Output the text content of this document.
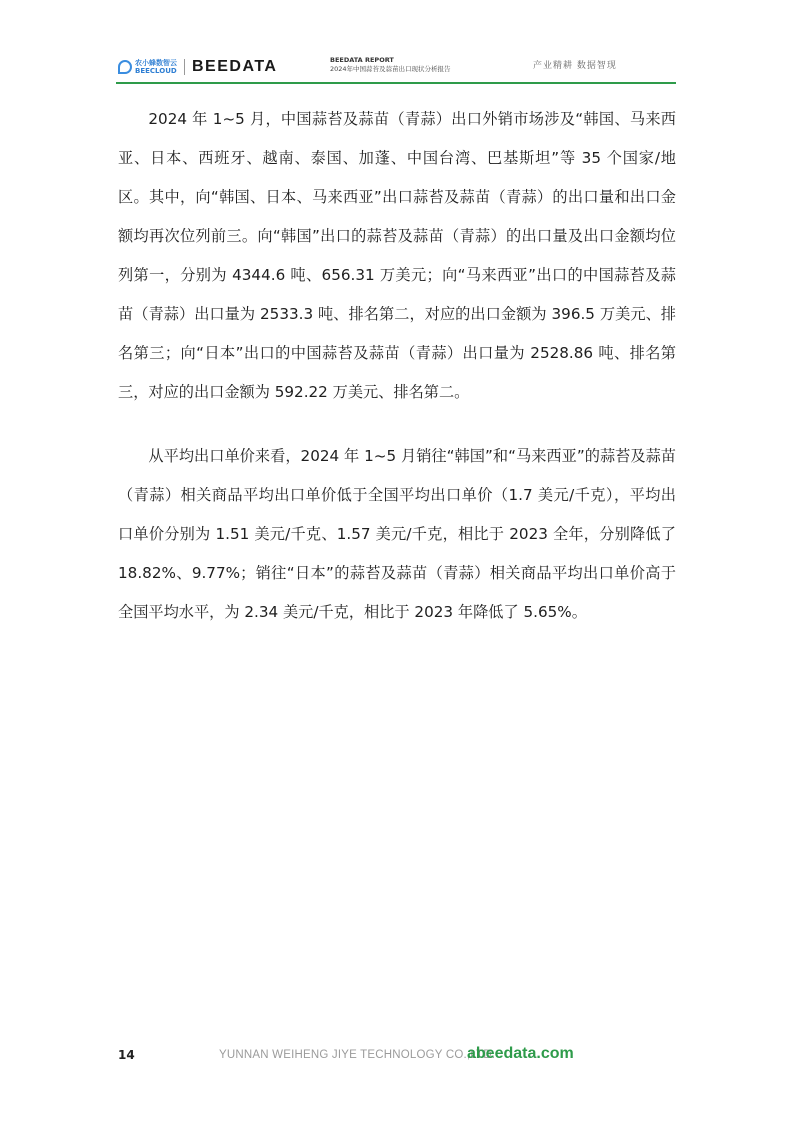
农小蜂数智云
BEECLOUD BEEDATA	BEEDATA REPORT
2024年中国蒜苔及蒜苗出口现状分析报告	产业精耕 数据智现

2024 年 1~5 月，中国蒜苔及蒜苗（青蒜）出口外销市场涉及“韩国、马来西亚、日本、西班牙、越南、泰国、加蓬、中国台湾、巴基斯坦”等 35 个国家/地区。其中，向“韩国、日本、马来西亚”出口蒜苔及蒜苗（青蒜）的出口量和出口金额均再次位列前三。向“韩国”出口的蒜苔及蒜苗（青蒜）的出口量及出口金额均位列第一，分别为 4344.6 吨、656.31 万美元；向“马来西亚”出口的中国蒜苔及蒜苗（青蒜）出口量为 2533.3 吨、排名第二，对应的出口金额为 396.5 万美元、排名第三；向“日本”出口的中国蒜苔及蒜苗（青蒜）出口量为 2528.86 吨、排名第三，对应的出口金额为 592.22 万美元、排名第二。

从平均出口单价来看，2024 年 1~5 月销往“韩国”和“马来西亚”的蒜苔及蒜苗（青蒜）相关商品平均出口单价低于全国平均出口单价（1.7 美元/千克），平均出口单价分别为 1.51 美元/千克、1.57 美元/千克，相比于 2023 全年，分别降低了 18.82%、9.77%；销往“日本”的蒜苔及蒜苗（青蒜）相关商品平均出口单价高于全国平均水平，为 2.34 美元/千克，相比于 2023 年降低了 5.65%。

14	YUNNAN WEIHENG JIYE TECHNOLOGY CO.,LTD.
abeedata.com
